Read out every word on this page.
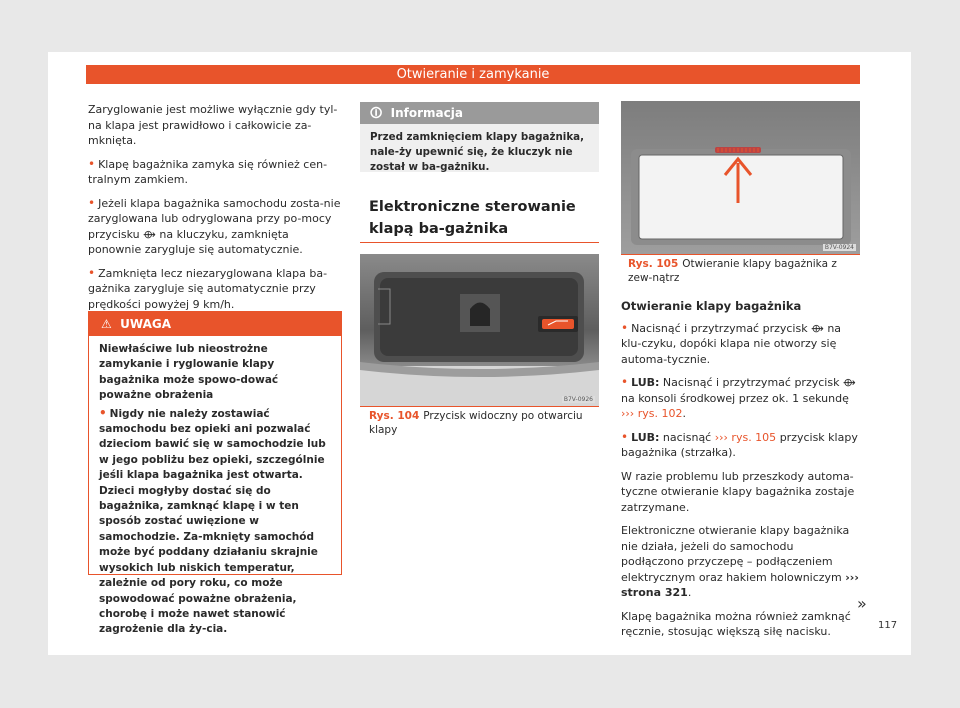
Otwieranie i zamykanie

Zaryglowanie jest możliwe wyłącznie gdy tyl-na klapa jest prawidłowo i całkowicie za-mknięta.

• Klapę bagażnika zamyka się również cen-tralnym zamkiem.

• Jeżeli klapa bagażnika samochodu zosta-nie zaryglowana lub odryglowana przy po-mocy przycisku ⟴ na kluczyku, zamknięta ponownie zarygluje się automatycznie.

• Zamknięta lecz niezaryglowana klapa ba-gażnika zarygluje się automatycznie przy prędkości powyżej 9 km/h.

⚠ UWAGA

Niewłaściwe lub nieostrożne zamykanie i ryglowanie klapy bagażnika może spowo-dować poważne obrażenia

• Nigdy nie należy zostawiać samochodu bez opieki ani pozwalać dzieciom bawić się w samochodzie lub w jego pobliżu bez opieki, szczególnie jeśli klapa bagażnika jest otwarta. Dzieci mogłyby dostać się do bagażnika, zamknąć klapę i w ten sposób zostać uwięzione w samochodzie. Za-mknięty samochód może być poddany działaniu skrajnie wysokich lub niskich temperatur, zależnie od pory roku, co może spowodować poważne obrażenia, chorobę i może nawet stanowić zagrożenie dla ży-cia.

🛈 Informacja
Przed zamknięciem klapy bagażnika, nale-ży upewnić się, że kluczyk nie został w ba-gażniku.
Elektroniczne sterowanie klapą ba-gażnika
B7V-0926
Rys. 104 Przycisk widoczny po otwarciu klapy
B7V-0924
Rys. 105 Otwieranie klapy bagażnika z zew-nątrz

Otwieranie klapy bagażnika

• Nacisnąć i przytrzymać przycisk ⟴ na klu-czyku, dopóki klapa nie otworzy się automa-tycznie.

• LUB: Nacisnąć i przytrzymać przycisk ⟴ na konsoli środkowej przez ok. 1 sekundę ››› rys. 102.

• LUB: nacisnąć ››› rys. 105 przycisk klapy bagażnika (strzałka).

W razie problemu lub przeszkody automa-tyczne otwieranie klapy bagażnika zostaje zatrzymane.

Elektroniczne otwieranie klapy bagażnika nie działa, jeżeli do samochodu podłączono przyczepę – podłączeniem elektrycznym oraz hakiem holowniczym ››› strona 321.

Klapę bagażnika można również zamknąć ręcznie, stosując większą siłę nacisku.

»
117
